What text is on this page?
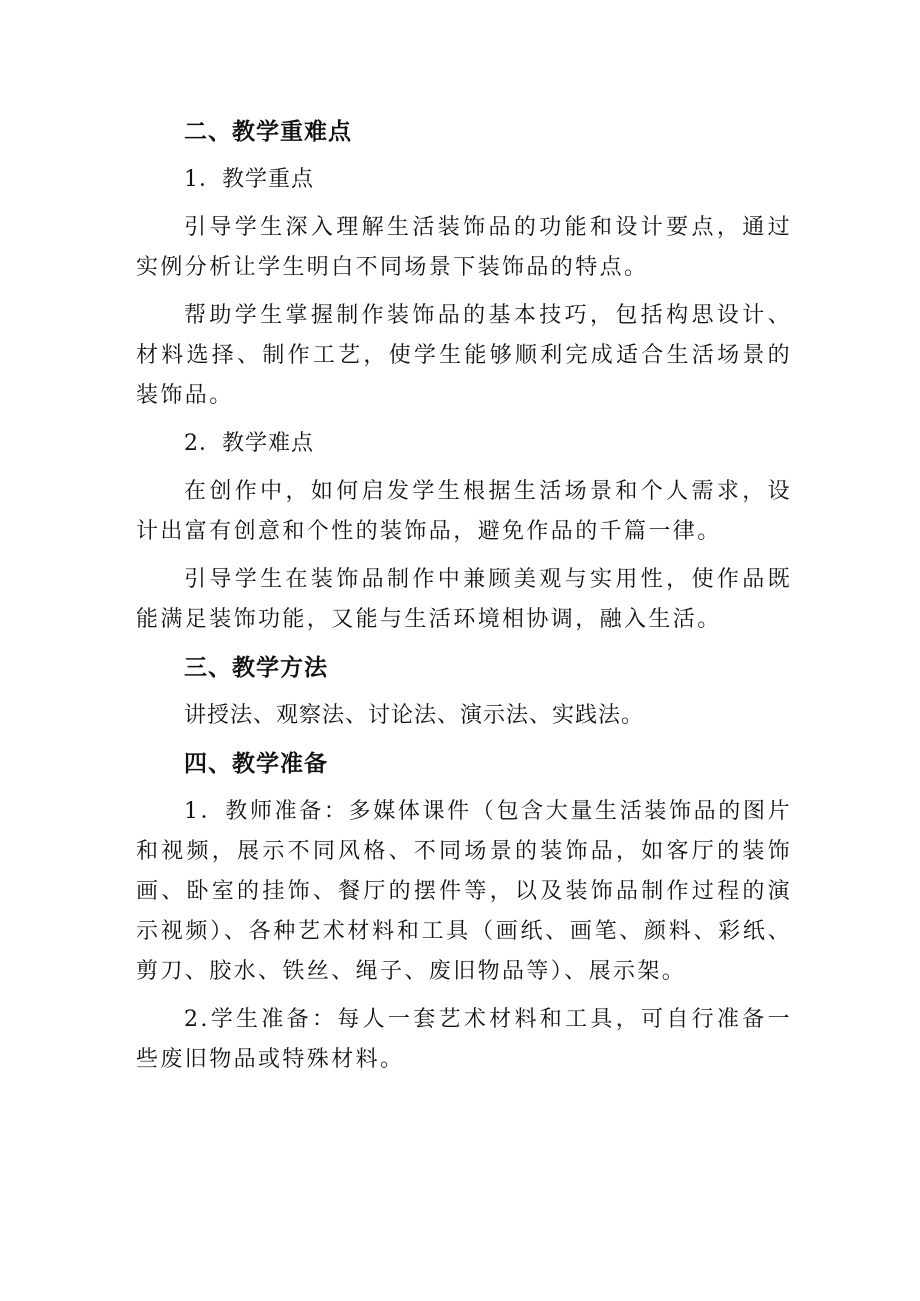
二、教学重难点
1．教学重点

引导学生深入理解生活装饰品的功能和设计要点，通过实例分析让学生明白不同场景下装饰品的特点。

帮助学生掌握制作装饰品的基本技巧，包括构思设计、材料选择、制作工艺，使学生能够顺利完成适合生活场景的装饰品。

2．教学难点

在创作中，如何启发学生根据生活场景和个人需求，设计出富有创意和个性的装饰品，避免作品的千篇一律。

引导学生在装饰品制作中兼顾美观与实用性，使作品既能满足装饰功能，又能与生活环境相协调，融入生活。

三、教学方法

讲授法、观察法、讨论法、演示法、实践法。

四、教学准备

1．教师准备：多媒体课件（包含大量生活装饰品的图片和视频，展示不同风格、不同场景的装饰品，如客厅的装饰画、卧室的挂饰、餐厅的摆件等，以及装饰品制作过程的演示视频）、各种艺术材料和工具（画纸、画笔、颜料、彩纸、剪刀、胶水、铁丝、绳子、废旧物品等）、展示架。

2.学生准备：每人一套艺术材料和工具，可自行准备一些废旧物品或特殊材料。
